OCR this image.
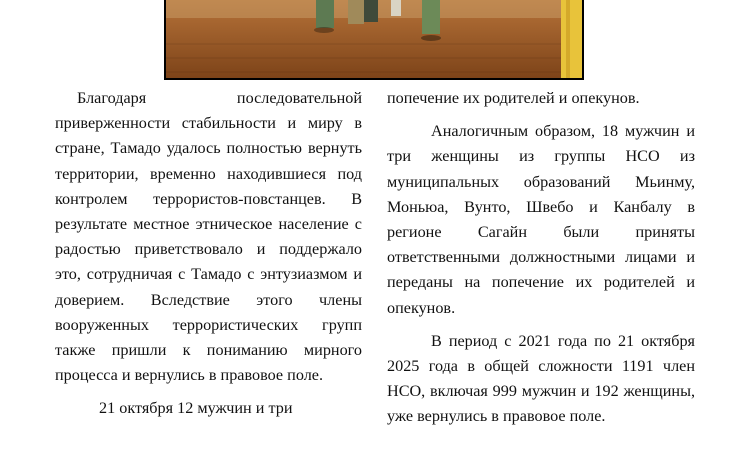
Благодаря последовательной приверженности стабильности и миру в стране, Тамадо удалось полностью вернуть территории, временно находившиеся под контролем террористов-повстанцев. В результате местное этническое население с радостью приветствовало и поддержало это, сотрудничая с Тамадо с энтузиазмом и доверием. Вследствие этого члены вооруженных террористических групп также пришли к пониманию мирного процесса и вернулись в правовое поле.

21 октября 12 мужчин и три

попечение их родителей и опекунов.

Аналогичным образом, 18 мужчин и три женщины из группы НСО из муниципальных образований Мьинму, Моньюа, Вунто, Швебо и Канбалу в регионе Сагайн были приняты ответственными должностными лицами и переданы на попечение их родителей и опекунов.

В период с 2021 года по 21 октября 2025 года в общей сложности 1191 член НСО, включая 999 мужчин и 192 женщины, уже вернулись в правовое поле.
